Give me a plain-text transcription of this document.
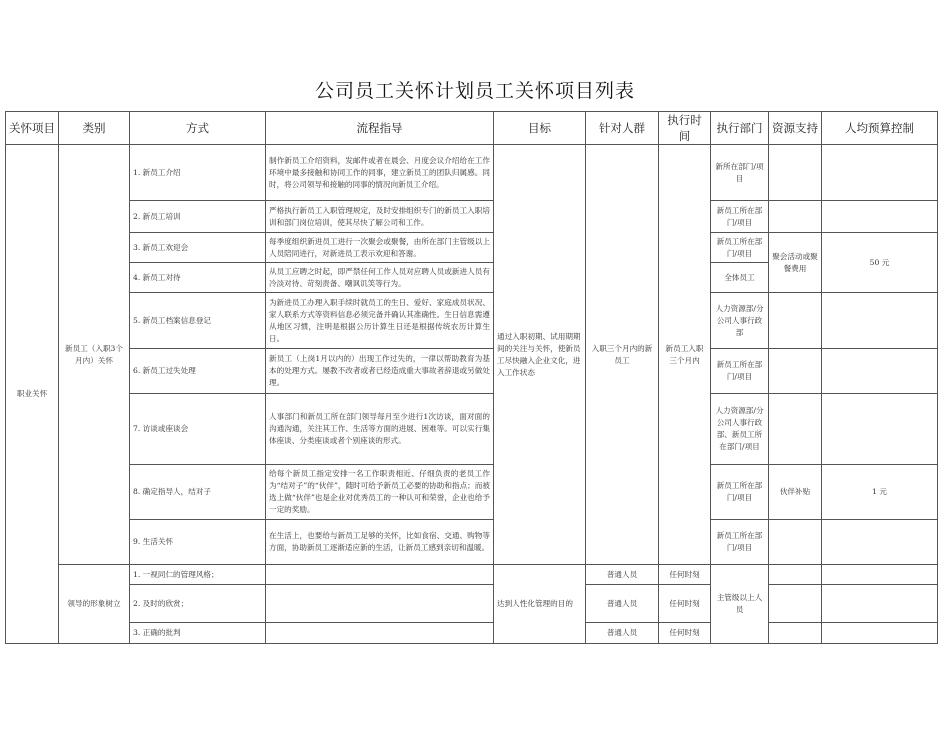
公司员工关怀计划员工关怀项目列表
关怀项目	类别	方式	流程指导	目标	针对人群	执行时间	执行部门	资源支持	人均预算控制
职业关怀	新员工（入职3个月内）关怀	1. 新员工介绍	制作新员工介绍资料，发邮件或者在晨会、月度会议介绍给在工作环境中最多接触和协同工作的同事，建立新员工的团队归属感。同时，将公司领导和接触的同事的情况向新员工介绍。	通过入职初期、试用期期间的关注与关怀，使新员工尽快融入企业文化，进入工作状态	入职三个月内的新员工	新员工入职三个月内	新所在部门/项目		
		2. 新员工培训	严格执行新员工入职管理规定，及时安排组织专门的新员工入职培训和部门岗位培训，使其尽快了解公司和工作。				新员工所在部门/项目		
		3. 新员工欢迎会	每季度组织新进员工进行一次聚会或聚餐，由所在部门主管级以上人员陪同进行，对新进员工表示欢迎和答谢。				新员工所在部门/项目	聚会活动或聚餐费用	50 元
		4. 新员工对待	从员工应聘之时起，即严禁任何工作人员对应聘人员或新进人员有冷淡对待、苛刻责备、嘲讽讥笑等行为。				全体员工		
		5. 新员工档案信息登记	为新进员工办理入职手续时就员工的生日、爱好、家庭成员状况、家人联系方式等资料信息必须完备并确认其准确性。生日信息需遵从地区习惯，注明是根据公历计算生日还是根据传统农历计算生日。				人力资源部/分公司人事行政部		
		6. 新员工过失处理	新员工（上岗1月以内的）出现工作过失的，一律以帮助教育为基本的处理方式。屡教不改者或者已经造成重大事故者辞退或另做处理。				新员工所在部门/项目		
		7. 访谈或座谈会	人事部门和新员工所在部门领导每月至少进行1次访谈，面对面的沟通沟通，关注其工作、生活等方面的进展、困难等。可以实行集体座谈、分类座谈或者个别座谈的形式。				人力资源部/分公司人事行政部、新员工所在部门/项目		
		8. 确定指导人，结对子	给每个新员工指定安排一名工作职责相近、仔细负责的老员工作为“结对子”的“伙伴”，随时可给予新员工必要的协助和指点；而被选上做“伙伴”也是企业对优秀员工的一种认可和荣誉，企业也给予一定的奖励。				新员工所在部门/项目	伙伴补贴	1 元
		9. 生活关怀	在生活上，也要给与新员工足够的关怀，比如食宿、交通、购物等方面，协助新员工逐渐适应新的生活，让新员工感到亲切和温暖。				新员工所在部门/项目		
	领导的形象树立	1. 一视同仁的管理风格；		达到人性化管理的目的	普通人员	任何时刻	主管级以上人员		
		2. 及时的欣赏；			普通人员	任何时刻			
		3. 正确的批判			普通人员	任何时刻			
